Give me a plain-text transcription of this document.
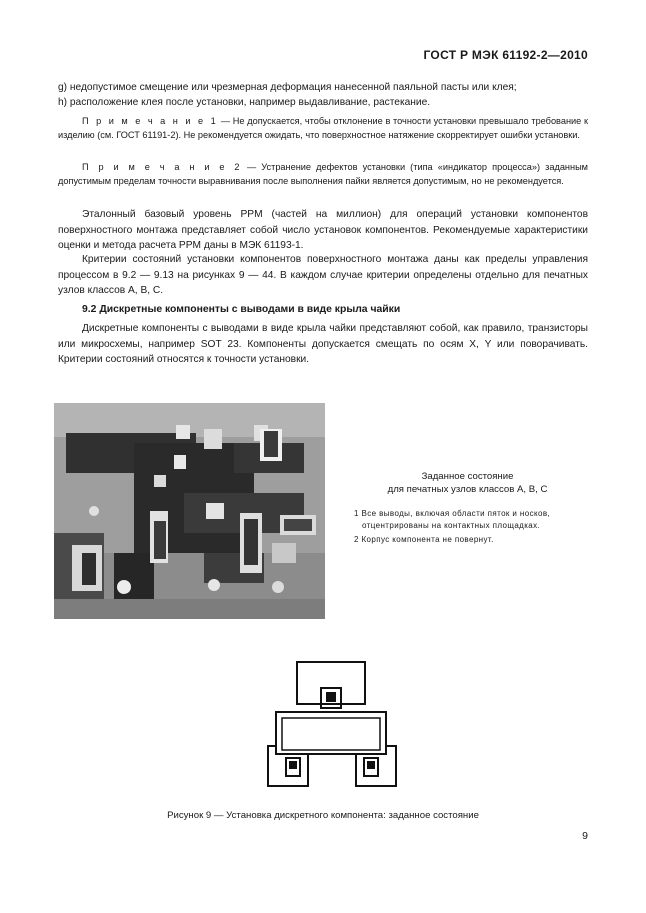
ГОСТ Р МЭК 61192-2—2010
g) недопустимое смещение или чрезмерная деформация нанесенной паяльной пасты или клея;
h) расположение клея после установки, например выдавливание, растекание.
П р и м е ч а н и е 1 — Не допускается, чтобы отклонение в точности установки превышало требование к изделию (см. ГОСТ 61191-2). Не рекомендуется ожидать, что поверхностное натяжение скорректирует ошибки установки.
П р и м е ч а н и е 2 — Устранение дефектов установки (типа «индикатор процесса») заданным допустимым пределам точности выравнивания после выполнения пайки является допустимым, но не рекомендуется.
Эталонный базовый уровень PPM (частей на миллион) для операций установки компонентов поверхностного монтажа представляет собой число установок компонентов. Рекомендуемые характеристики оценки и метода расчета PPM даны в МЭК 61193-1.
Критерии состояний установки компонентов поверхностного монтажа даны как пределы управления процессом в 9.2 — 9.13 на рисунках 9 — 44. В каждом случае критерии определены отдельно для печатных узлов классов А, В, С.
9.2 Дискретные компоненты с выводами в виде крыла чайки
Дискретные компоненты с выводами в виде крыла чайки представляют собой, как правило, транзисторы или микросхемы, например SOT 23. Компоненты допускается смещать по осям X, Y или поворачивать. Критерии состояний относятся к точности установки.
Заданное состояние
для печатных узлов классов А, В, С
1 Все выводы, включая области пяток и носков, отцентрированы на контактных площадках.
2 Корпус компонента не повернут.
Рисунок 9 — Установка дискретного компонента: заданное состояние
9
